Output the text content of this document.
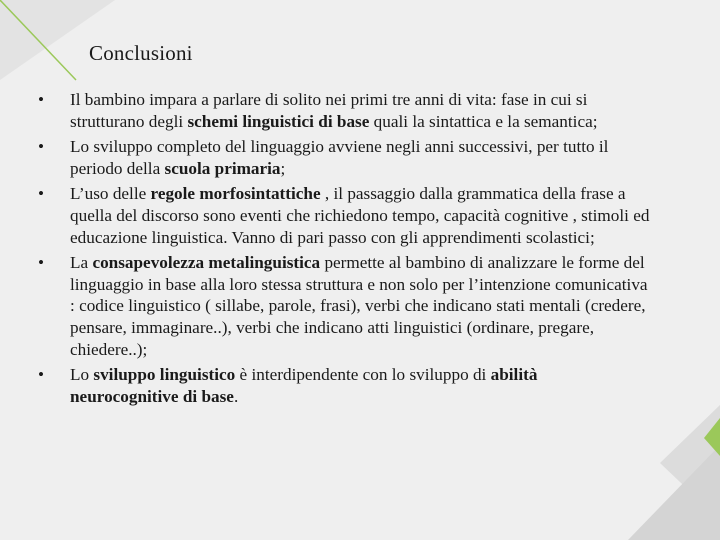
Conclusioni
•	Il bambino impara a parlare di solito nei primi tre anni di vita: fase in cui si strutturano degli schemi linguistici di base quali la sintattica e la semantica;
•	Lo sviluppo completo del linguaggio avviene negli anni successivi, per tutto il periodo della scuola primaria;
•	L’uso delle regole morfosintattiche , il passaggio dalla grammatica della frase a quella del discorso sono eventi che richiedono tempo, capacità cognitive , stimoli ed educazione linguistica. Vanno di pari passo con gli apprendimenti scolastici;
•	La consapevolezza metalinguistica permette al bambino di analizzare le forme del linguaggio in base alla loro stessa struttura e non solo per l’intenzione comunicativa : codice linguistico ( sillabe, parole, frasi), verbi che indicano stati mentali (credere, pensare, immaginare..), verbi che indicano atti linguistici (ordinare, pregare, chiedere..);
•	Lo sviluppo linguistico è interdipendente con lo sviluppo di abilità neurocognitive di base.
